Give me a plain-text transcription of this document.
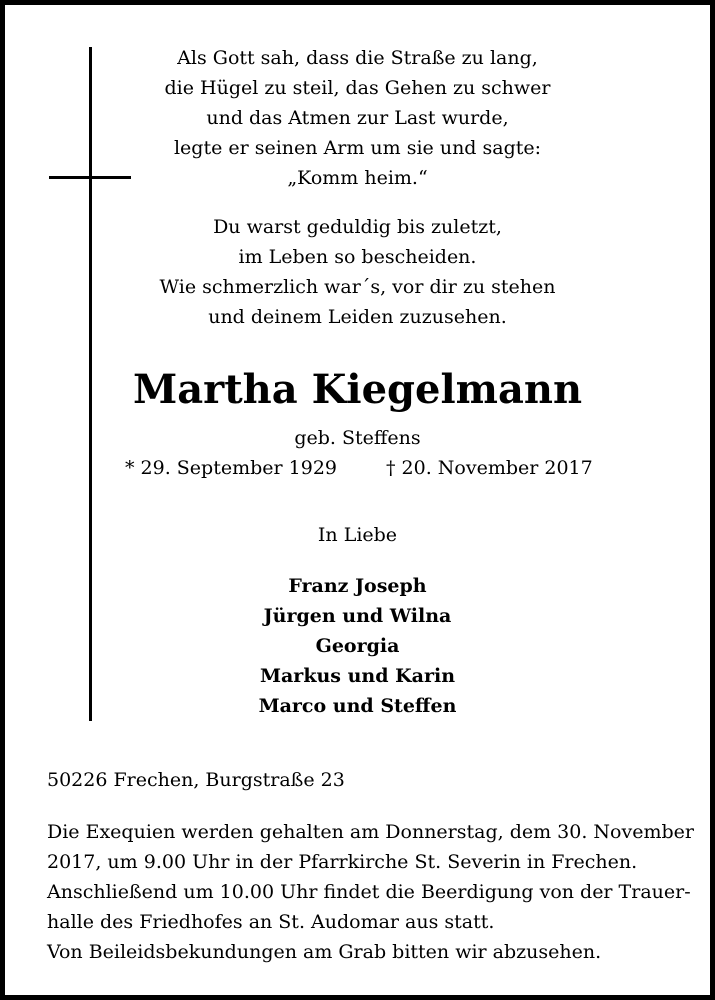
Als Gott sah, dass die Straße zu lang,
die Hügel zu steil, das Gehen zu schwer
und das Atmen zur Last wurde,
legte er seinen Arm um sie und sagte:
„Komm heim.“

Du warst geduldig bis zuletzt,
im Leben so bescheiden.
Wie schmerzlich war´s, vor dir zu stehen
und deinem Leiden zuzusehen.

Martha Kiegelmann

geb. Steffens

* 29. September 1929	† 20. November 2017

In Liebe

Franz Joseph
Jürgen und Wilna
Georgia
Markus und Karin
Marco und Steffen

50226 Frechen, Burgstraße 23

Die Exequien werden gehalten am Donnerstag, dem 30. November
2017, um 9.00 Uhr in der Pfarrkirche St. Severin in Frechen.
Anschließend um 10.00 Uhr findet die Beerdigung von der Trauer-
halle des Friedhofes an St. Audomar aus statt.
Von Beileidsbekundungen am Grab bitten wir abzusehen.
